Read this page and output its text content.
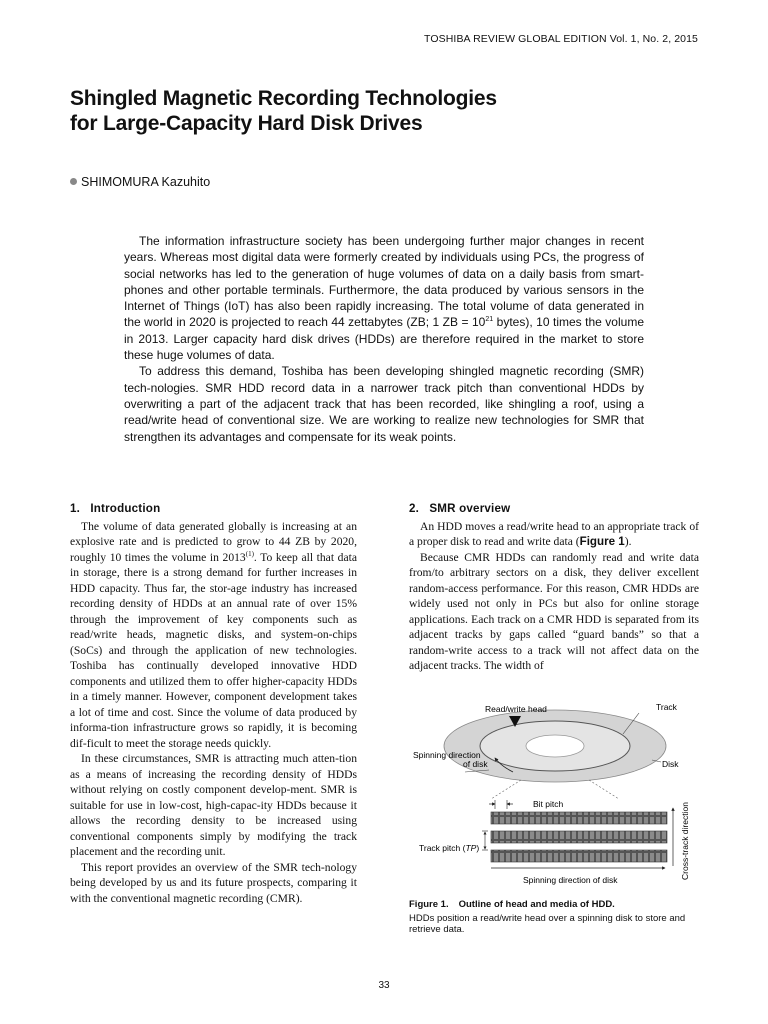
TOSHIBA REVIEW GLOBAL EDITION Vol. 1, No. 2, 2015
Shingled Magnetic Recording Technologies
for Large-Capacity Hard Disk Drives
SHIMOMURA Kazuhito

The information infrastructure society has been undergoing further major changes in recent years. Whereas most digital data were formerly created by individuals using PCs, the progress of social networks has led to the generation of huge volumes of data on a daily basis from smart-phones and other portable terminals. Furthermore, the data produced by various sensors in the Internet of Things (IoT) has also been rapidly increasing. The total volume of data generated in the world in 2020 is projected to reach 44 zettabytes (ZB; 1 ZB = $10^{21}$ bytes), 10 times the volume in 2013. Larger capacity hard disk drives (HDDs) are therefore required in the market to store these huge volumes of data.

To address this demand, Toshiba has been developing shingled magnetic recording (SMR) tech-nologies. SMR HDD record data in a narrower track pitch than conventional HDDs by overwriting a part of the adjacent track that has been recorded, like shingling a roof, using a read/write head of conventional size. We are working to realize new technologies for SMR that strengthen its advantages and compensate for its weak points.

1.   Introduction

The volume of data generated globally is increasing at an explosive rate and is predicted to grow to 44 ZB by 2020, roughly 10 times the volume in 2013$^{(1)}$. To keep all that data in storage, there is a strong demand for further increases in HDD capacity. Thus far, the stor-age industry has increased recording density of HDDs at an annual rate of over 15% through the improvement of key components such as read/write heads, magnetic disks, and system-on-chips (SoCs) and through the application of new technologies. Toshiba has continually developed innovative HDD components and utilized them to offer higher-capacity HDDs in a timely manner. However, component development takes a lot of time and cost. Since the volume of data produced by informa-tion infrastructure grows so rapidly, it is becoming dif-ficult to meet the storage needs quickly.

In these circumstances, SMR is attracting much atten-tion as a means of increasing the recording density of HDDs without relying on costly component develop-ment. SMR is suitable for use in low-cost, high-capac-ity HDDs because it allows the recording density to be increased using conventional components simply by modifying the track placement and the recording unit.

This report provides an overview of the SMR tech-nology being developed by us and its future prospects, comparing it with the conventional magnetic recording (CMR).

2.   SMR overview

An HDD moves a read/write head to an appropriate track of a proper disk to read and write data (Figure 1).

Because CMR HDDs can randomly read and write data from/to arbitrary sectors on a disk, they deliver excellent random-access performance. For this reason, CMR HDDs are widely used not only in PCs but also for online storage applications. Each track on a CMR HDD is separated from its adjacent tracks by gaps called “guard bands” so that a random-write access to a track will not affect data on the adjacent tracks. The width of

Read/write head	Track
Spinning direction
of disk	Disk
Bit pitch
Track pitch (TP)
Spinning direction of disk	Cross-track direction
Figure 1. Outline of head and media of HDD.
HDDs position a read/write head over a spinning disk to store and retrieve data.
33
